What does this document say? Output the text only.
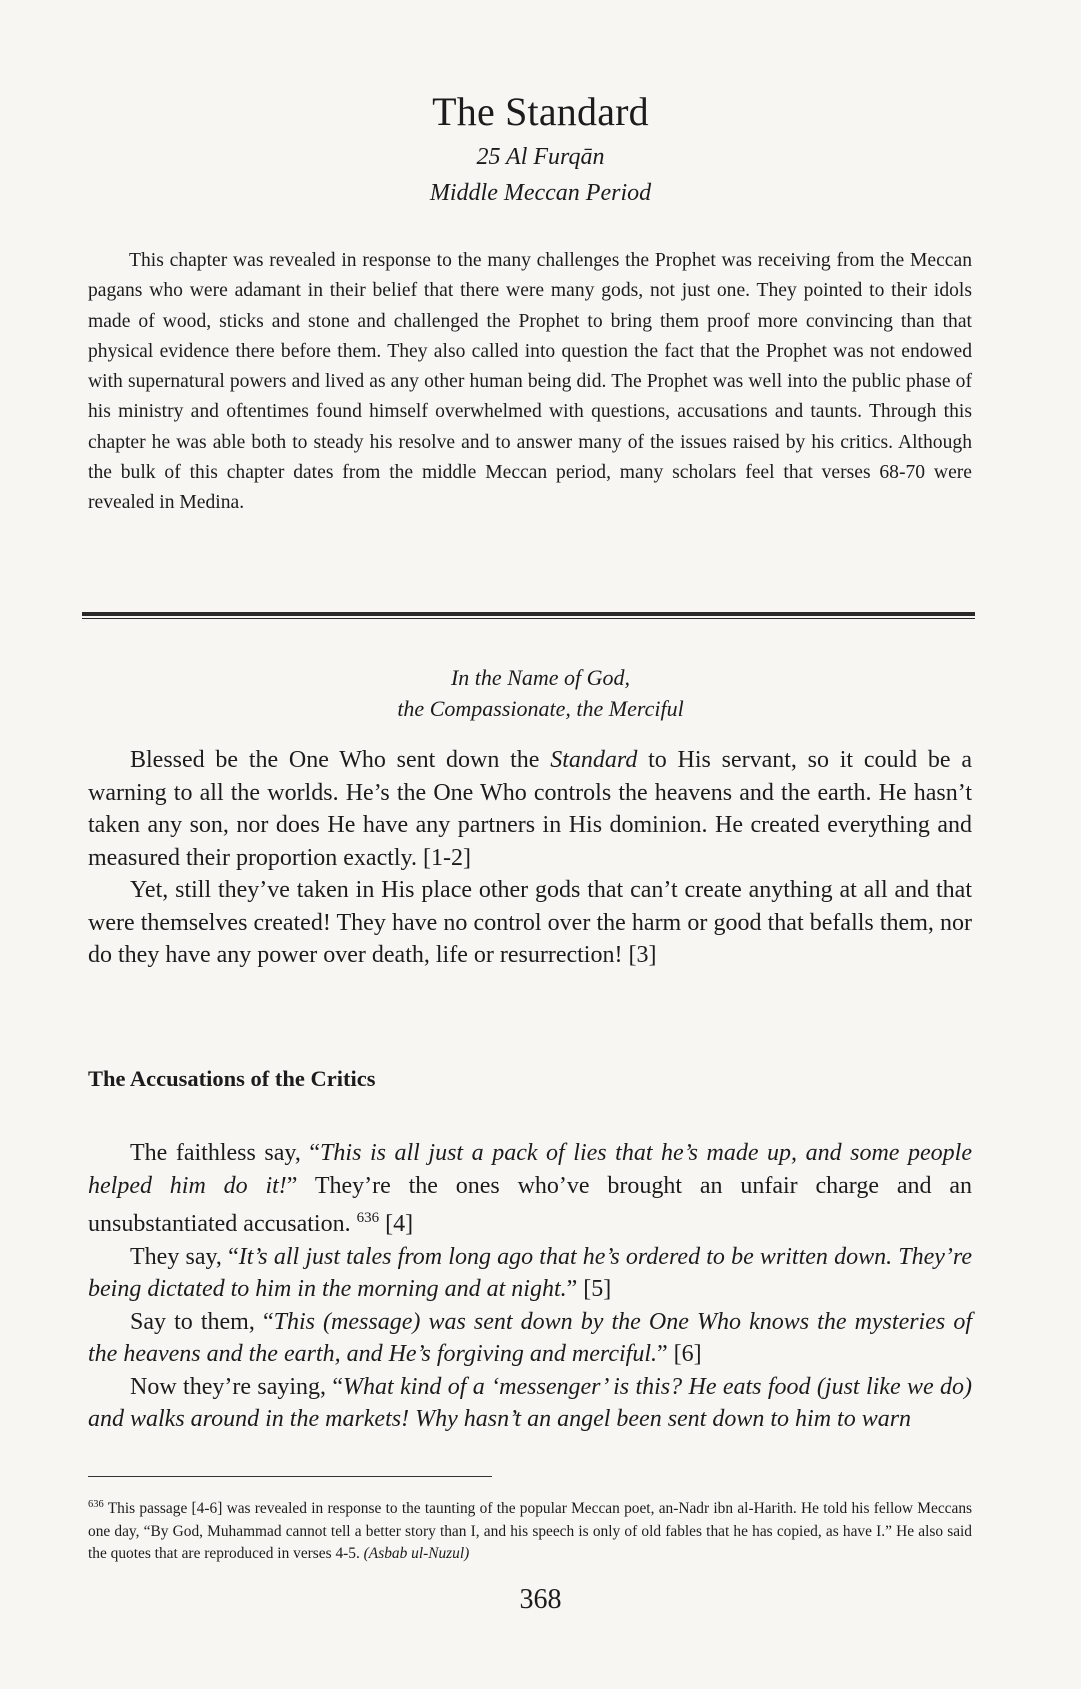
The Standard
25 Al Furqān
Middle Meccan Period

This chapter was revealed in response to the many challenges the Prophet was receiving from the Meccan pagans who were adamant in their belief that there were many gods, not just one. They pointed to their idols made of wood, sticks and stone and challenged the Prophet to bring them proof more convincing than that physical evidence there before them. They also called into question the fact that the Prophet was not endowed with supernatural powers and lived as any other human being did. The Prophet was well into the public phase of his ministry and oftentimes found himself overwhelmed with questions, accusations and taunts. Through this chapter he was able both to steady his resolve and to answer many of the issues raised by his critics. Although the bulk of this chapter dates from the middle Meccan period, many scholars feel that verses 68-70 were revealed in Medina.

In the Name of God,
the Compassionate, the Merciful

Blessed be the One Who sent down the Standard to His servant, so it could be a warning to all the worlds. He’s the One Who controls the heavens and the earth. He hasn’t taken any son, nor does He have any partners in His dominion. He created everything and measured their proportion exactly. [1-2]

Yet, still they’ve taken in His place other gods that can’t create anything at all and that were themselves created! They have no control over the harm or good that befalls them, nor do they have any power over death, life or resurrection! [3]

The Accusations of the Critics

The faithless say, “This is all just a pack of lies that he’s made up, and some people helped him do it!” They’re the ones who’ve brought an unfair charge and an unsubstantiated accusation. $^{636}$ [4]

They say, “It’s all just tales from long ago that he’s ordered to be written down. They’re being dictated to him in the morning and at night.” [5]

Say to them, “This (message) was sent down by the One Who knows the mysteries of the heavens and the earth, and He’s forgiving and merciful.” [6]

Now they’re saying, “What kind of a ‘messenger’ is this? He eats food (just like we do) and walks around in the markets! Why hasn’t an angel been sent down to him to warn

$^{636}$ This passage [4-6] was revealed in response to the taunting of the popular Meccan poet, an-Nadr ibn al-Harith. He told his fellow Meccans one day, “By God, Muhammad cannot tell a better story than I, and his speech is only of old fables that he has copied, as have I.” He also said the quotes that are reproduced in verses 4-5. (Asbab ul-Nuzul)

368
